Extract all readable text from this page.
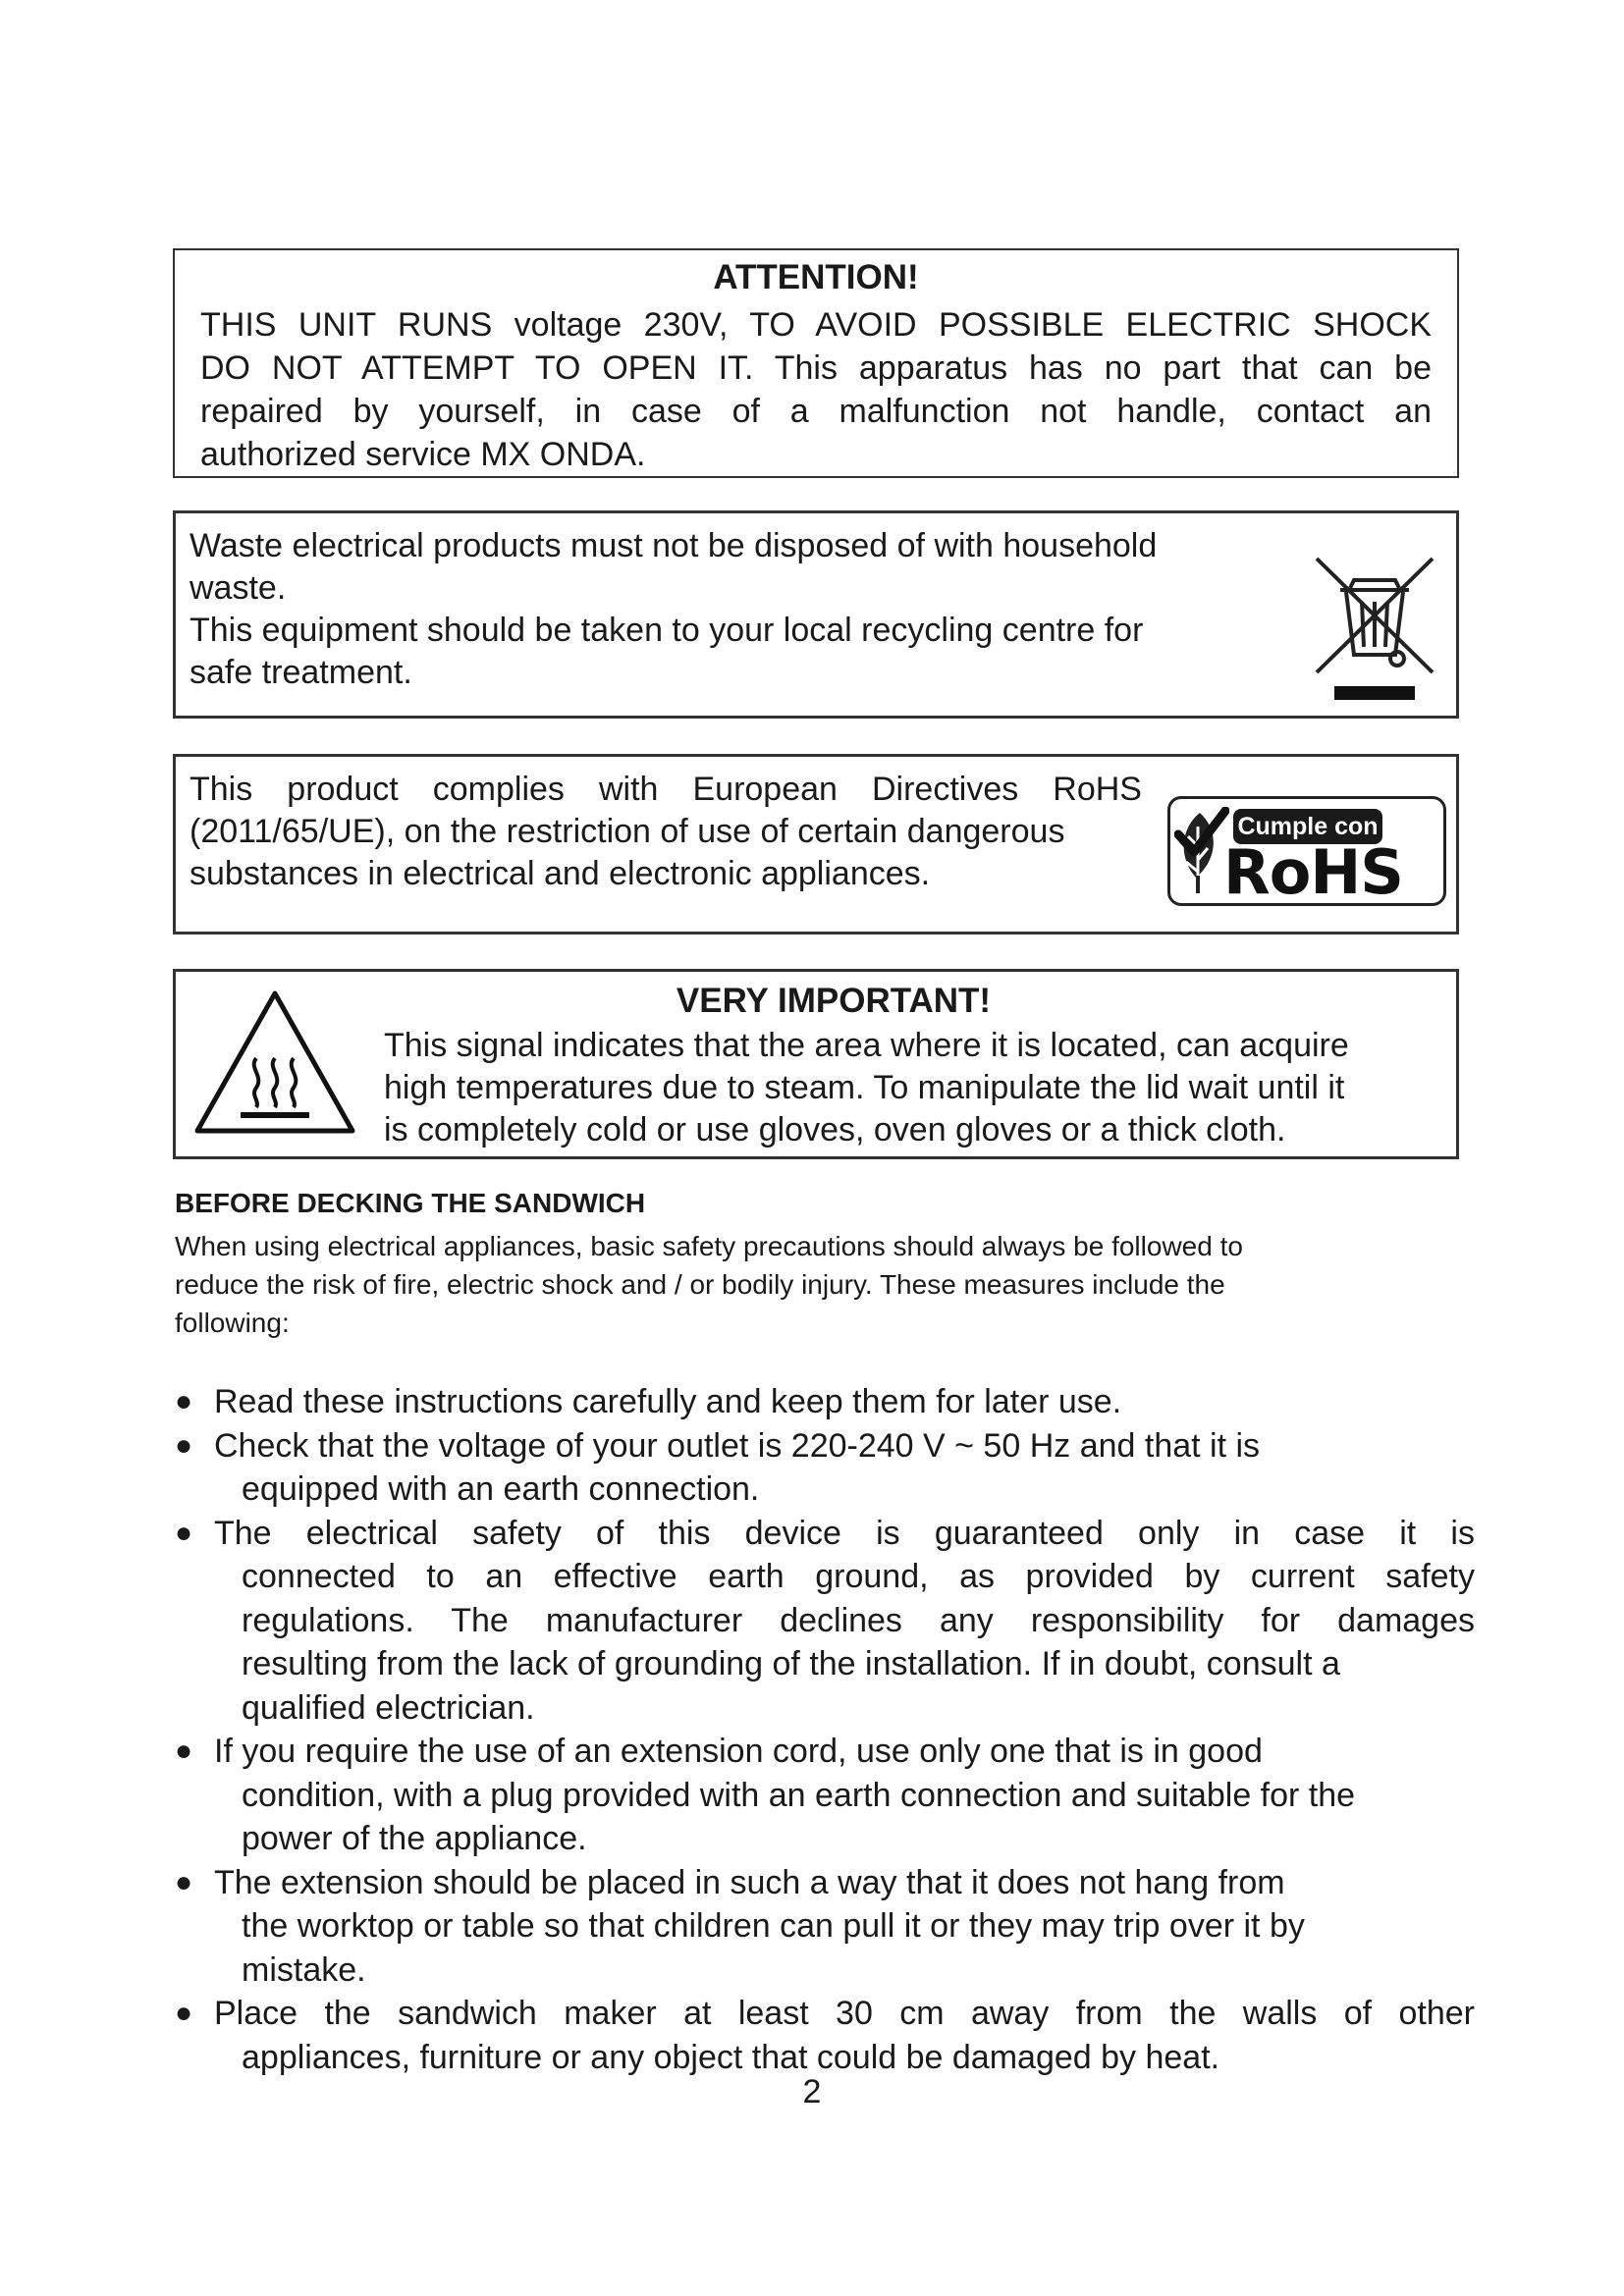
ATTENTION!

THIS UNIT RUNS voltage 230V, TO AVOID POSSIBLE ELECTRIC SHOCK
DO NOT ATTEMPT TO OPEN IT. This apparatus has no part that can be
repaired by yourself, in case of a malfunction not handle, contact an
authorized service MX ONDA.

Waste electrical products must not be disposed of with household
waste.
This equipment should be taken to your local recycling centre for
safe treatment.
This product complies with European Directives RoHS
(2011/65/UE), on the restriction of use of certain dangerous
substances in electrical and electronic appliances.
Cumple con
RoHS
VERY IMPORTANT!
This signal indicates that the area where it is located, can acquire
high temperatures due to steam. To manipulate the lid wait until it
is completely cold or use gloves, oven gloves or a thick cloth.
BEFORE DECKING THE SANDWICH
When using electrical appliances, basic safety precautions should always be followed to
reduce the risk of fire, electric shock and / or bodily injury. These measures include the
following:
● Read these instructions carefully and keep them for later use.
● Check that the voltage of your outlet is 220-240 V ~ 50 Hz and that it is
equipped with an earth connection.
● The electrical safety of this device is guaranteed only in case it is
connected to an effective earth ground, as provided by current safety
regulations. The manufacturer declines any responsibility for damages
resulting from the lack of grounding of the installation. If in doubt, consult a
qualified electrician.
● If you require the use of an extension cord, use only one that is in good
condition, with a plug provided with an earth connection and suitable for the
power of the appliance.
● The extension should be placed in such a way that it does not hang from
the worktop or table so that children can pull it or they may trip over it by
mistake.
● Place the sandwich maker at least 30 cm away from the walls of other
appliances, furniture or any object that could be damaged by heat.
2
